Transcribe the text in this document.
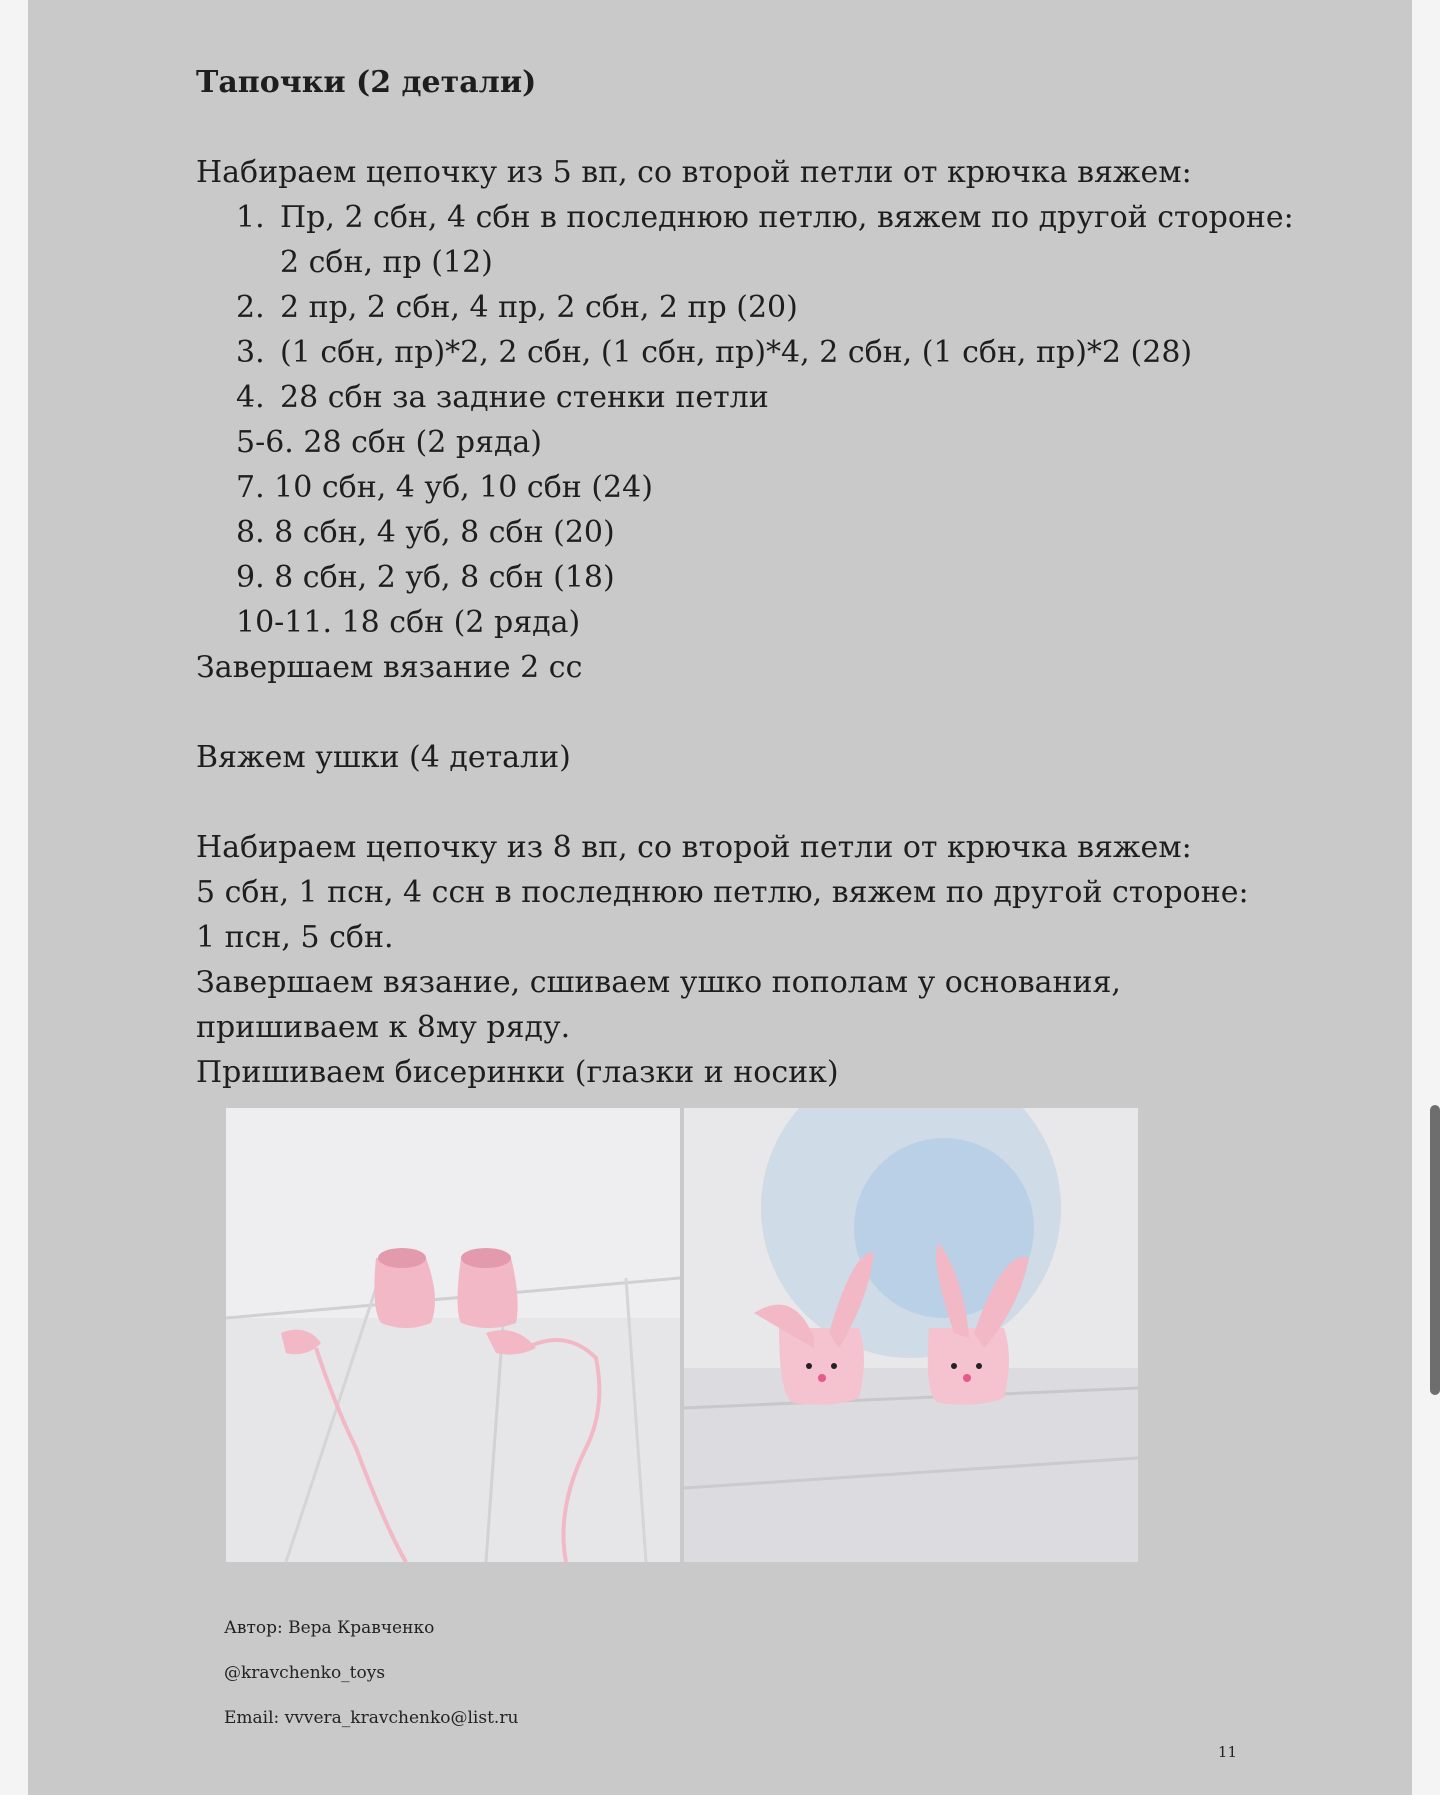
Тапочки (2 детали)

Набираем цепочку из 5 вп, со второй петли от крючка вяжем:

1. Пр, 2 сбн, 4 сбн в последнюю петлю, вяжем по другой стороне: 2 сбн, пр (12)
2. 2 пр, 2 сбн, 4 пр, 2 сбн, 2 пр (20)
3. (1 сбн, пр)*2, 2 сбн, (1 сбн, пр)*4, 2 сбн, (1 сбн, пр)*2 (28)
4. 28 сбн за задние стенки петли
5-6. 28 сбн (2 ряда)
7. 10 сбн, 4 уб, 10 сбн (24)
8. 8 сбн, 4 уб, 8 сбн (20)
9. 8 сбн, 2 уб, 8 сбн (18)
10-11. 18 сбн (2 ряда)

Завершаем вязание 2 сс

Вяжем ушки (4 детали)

Набираем цепочку из 8 вп, со второй петли от крючка вяжем:

5 сбн, 1 псн, 4 ссн в последнюю петлю, вяжем по другой стороне:

1 псн, 5 сбн.

Завершаем вязание, сшиваем ушко пополам у основания,

пришиваем к 8му ряду.

Пришиваем бисеринки (глазки и носик)

Автор: Вера Кравченко
@kravchenko_toys
Email: vvvera_kravchenko@list.ru
11
